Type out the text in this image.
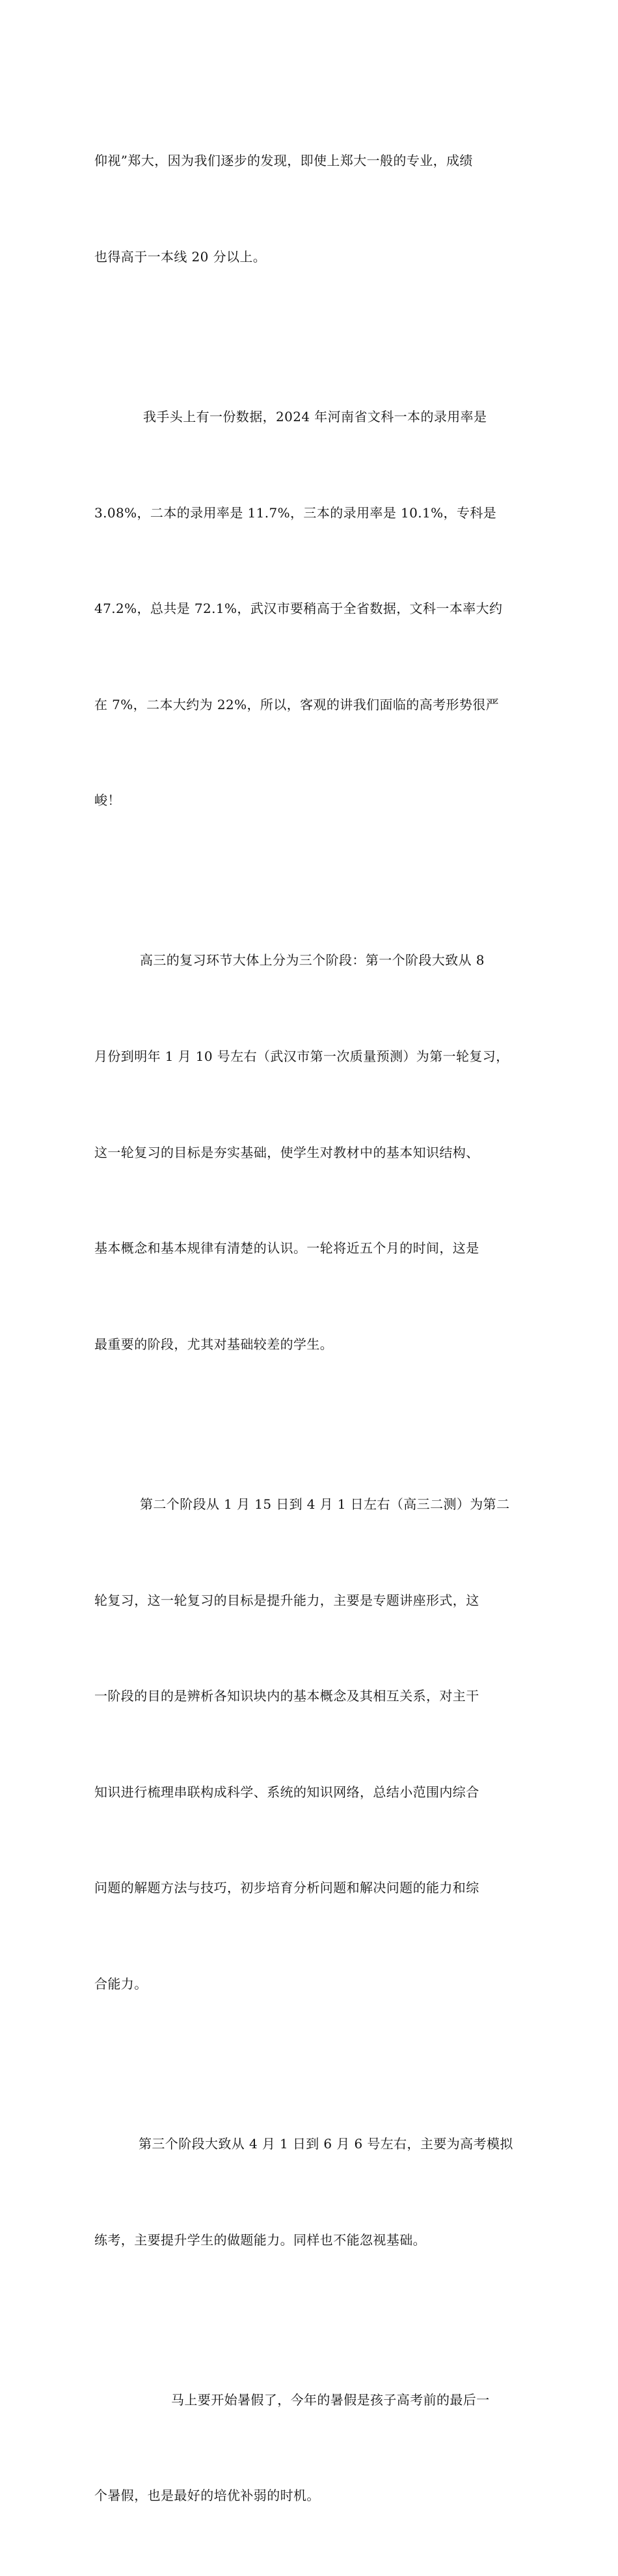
仰视”郑大，因为我们逐步的发现，即使上郑大一般的专业，成绩

也得高于一本线 20 分以上。

我手头上有一份数据，2024 年河南省文科一本的录用率是

3.08%，二本的录用率是 11.7%，三本的录用率是 10.1%，专科是

47.2%，总共是 72.1%，武汉市要稍高于全省数据，文科一本率大约

在 7%，二本大约为 22%，所以，客观的讲我们面临的高考形势很严

峻！

高三的复习环节大体上分为三个阶段：第一个阶段大致从 8

月份到明年 1 月 10 号左右（武汉市第一次质量预测）为第一轮复习，

这一轮复习的目标是夯实基础，使学生对教材中的基本知识结构、

基本概念和基本规律有清楚的认识。一轮将近五个月的时间，这是

最重要的阶段，尤其对基础较差的学生。

第二个阶段从 1 月 15 日到 4 月 1 日左右（高三二测）为第二

轮复习，这一轮复习的目标是提升能力，主要是专题讲座形式，这

一阶段的目的是辨析各知识块内的基本概念及其相互关系，对主干

知识进行梳理串联构成科学、系统的知识网络，总结小范围内综合

问题的解题方法与技巧，初步培育分析问题和解决问题的能力和综

合能力。

第三个阶段大致从 4 月 1 日到 6 月 6 号左右，主要为高考模拟

练考，主要提升学生的做题能力。同样也不能忽视基础。

马上要开始暑假了，今年的暑假是孩子高考前的最后一

个暑假，也是最好的培优补弱的时机。
